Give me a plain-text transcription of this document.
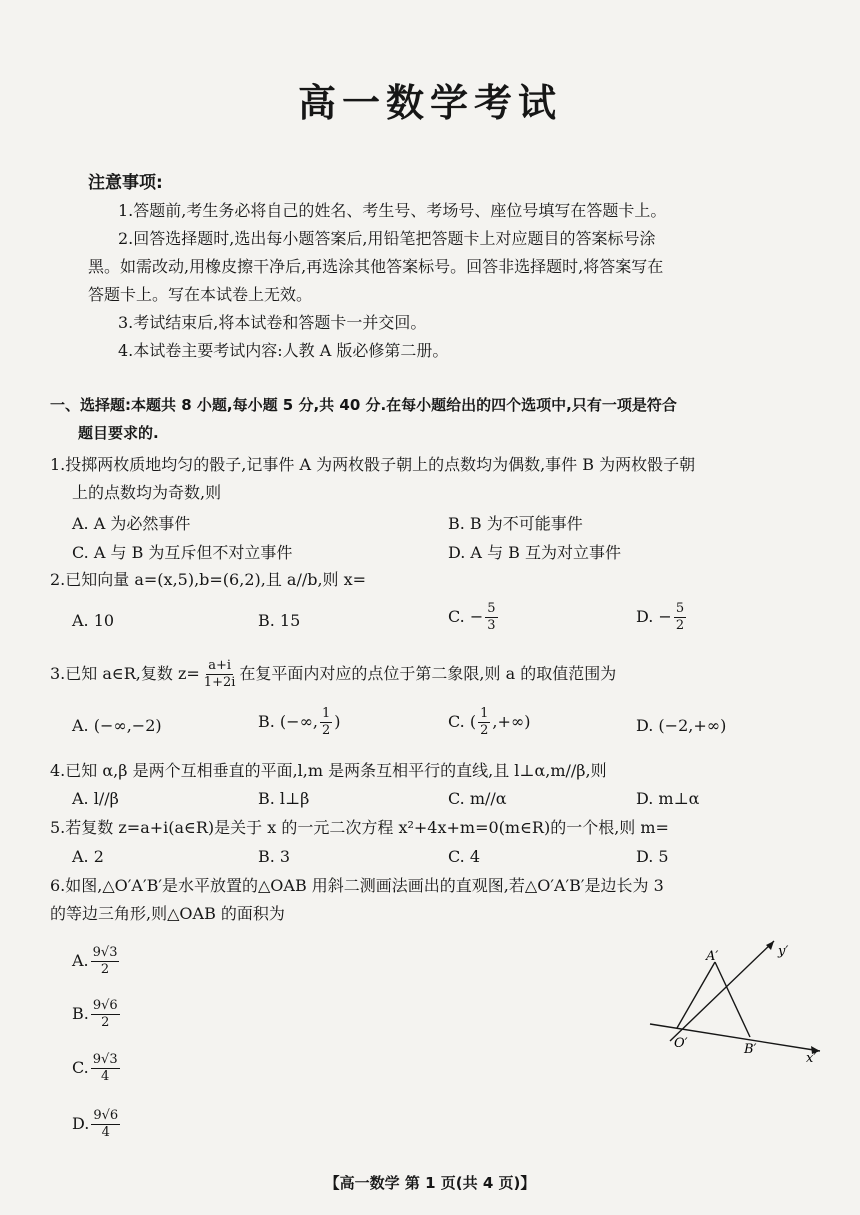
高一数学考试
注意事项:
1.答题前,考生务必将自己的姓名、考生号、考场号、座位号填写在答题卡上。
2.回答选择题时,选出每小题答案后,用铅笔把答题卡上对应题目的答案标号涂
黑。如需改动,用橡皮擦干净后,再选涂其他答案标号。回答非选择题时,将答案写在
答题卡上。写在本试卷上无效。
3.考试结束后,将本试卷和答题卡一并交回。
4.本试卷主要考试内容:人教 A 版必修第二册。
一、选择题:本题共 8 小题,每小题 5 分,共 40 分.在每小题给出的四个选项中,只有一项是符合
题目要求的.
1.投掷两枚质地均匀的骰子,记事件 A 为两枚骰子朝上的点数均为偶数,事件 B 为两枚骰子朝
上的点数均为奇数,则
A. A 为必然事件	B. B 为不可能事件
C. A 与 B 为互斥但不对立事件	D. A 与 B 互为对立事件
2.已知向量 a=(x,5),b=(6,2),且 a//b,则 x=
A. 10	B. 15	C. − $\frac{5}{3}$	D. − $\frac{5}{2}$
3.已知 a∈R,复数 $z= \frac{a+i}{1+2i}$ 在复平面内对应的点位于第二象限,则 a 的取值范围为
A. (−∞,−2)	B. (−∞, $\frac{1}{2}$ )	C. ( $\frac{1}{2}$ ,+∞)	D. (−2,+∞)
4.已知 α,β 是两个互相垂直的平面,l,m 是两条互相平行的直线,且 l⊥α,m//β,则
A. l//β	B. l⊥β	C. m//α	D. m⊥α
5.若复数 z=a+i(a∈R)是关于 x 的一元二次方程 x²+4x+m=0(m∈R)的一个根,则 m=
A. 2	B. 3	C. 4	D. 5
6.如图,△O′A′B′是水平放置的△OAB 用斜二测画法画出的直观图,若△O′A′B′是边长为 3
的等边三角形,则△OAB 的面积为
A. $\frac{9√3}{2}$
B. $\frac{9√6}{2}$
C. $\frac{9√3}{4}$
D. $\frac{9√6}{4}$
A′
O′	B′
x′
y′
【高一数学 第 1 页(共 4 页)】
